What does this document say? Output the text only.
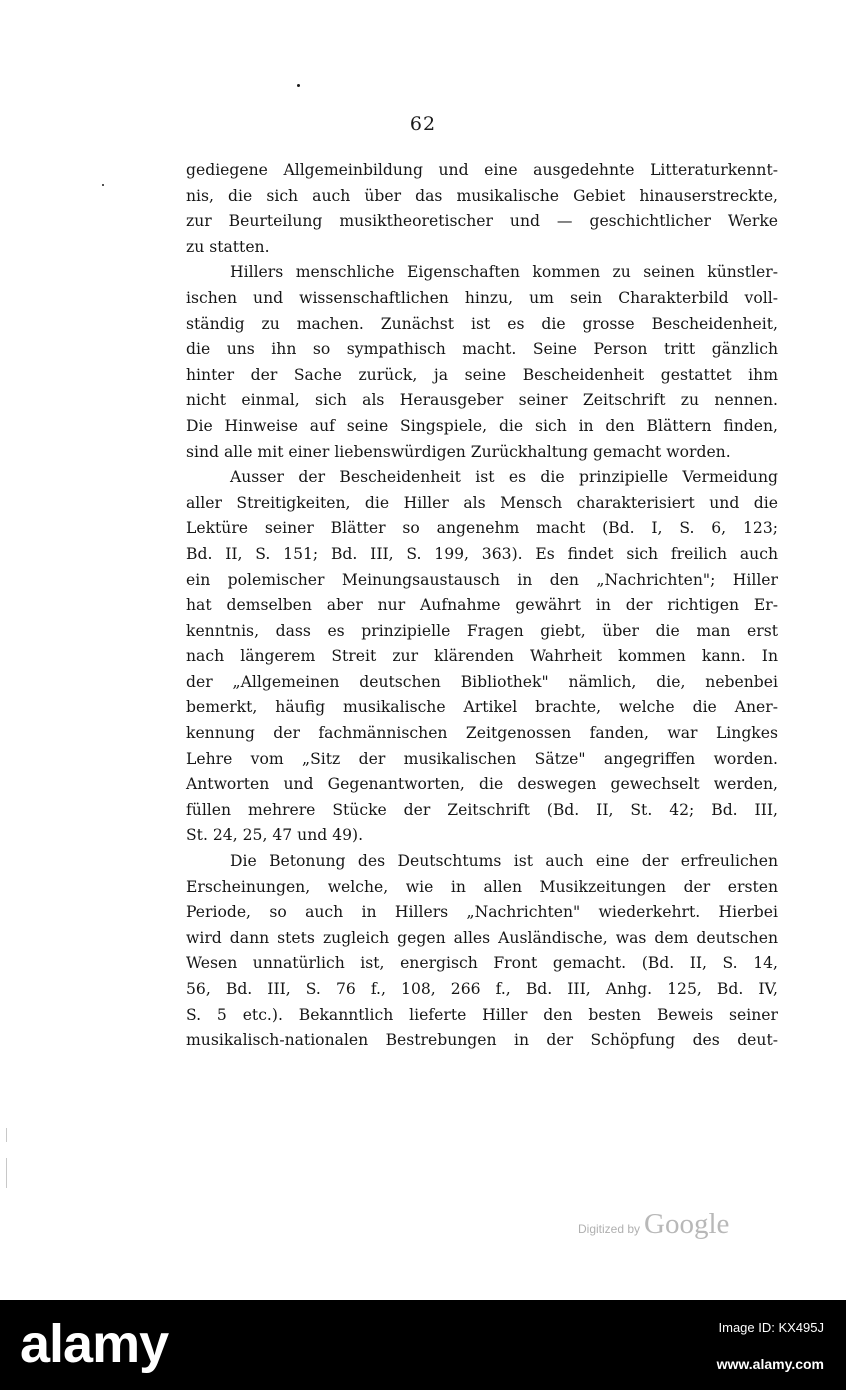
62
gediegene Allgemeinbildung und eine ausgedehnte Litteraturkennt-
nis, die sich auch über das musikalische Gebiet hinauserstreckte,
zur Beurteilung musiktheoretischer und — geschichtlicher Werke
zu statten.
Hillers menschliche Eigenschaften kommen zu seinen künstler-
ischen und wissenschaftlichen hinzu, um sein Charakterbild voll-
ständig zu machen. Zunächst ist es die grosse Bescheidenheit,
die uns ihn so sympathisch macht. Seine Person tritt gänzlich
hinter der Sache zurück, ja seine Bescheidenheit gestattet ihm
nicht einmal, sich als Herausgeber seiner Zeitschrift zu nennen.
Die Hinweise auf seine Singspiele, die sich in den Blättern finden,
sind alle mit einer liebenswürdigen Zurückhaltung gemacht worden.
Ausser der Bescheidenheit ist es die prinzipielle Vermeidung
aller Streitigkeiten, die Hiller als Mensch charakterisiert und die
Lektüre seiner Blätter so angenehm macht (Bd. I, S. 6, 123;
Bd. II, S. 151; Bd. III, S. 199, 363). Es findet sich freilich auch
ein polemischer Meinungsaustausch in den „Nachrichten"; Hiller
hat demselben aber nur Aufnahme gewährt in der richtigen Er-
kenntnis, dass es prinzipielle Fragen giebt, über die man erst
nach längerem Streit zur klärenden Wahrheit kommen kann. In
der „Allgemeinen deutschen Bibliothek" nämlich, die, nebenbei
bemerkt, häufig musikalische Artikel brachte, welche die Aner-
kennung der fachmännischen Zeitgenossen fanden, war Lingkes
Lehre vom „Sitz der musikalischen Sätze" angegriffen worden.
Antworten und Gegenantworten, die deswegen gewechselt werden,
füllen mehrere Stücke der Zeitschrift (Bd. II, St. 42; Bd. III,
St. 24, 25, 47 und 49).
Die Betonung des Deutschtums ist auch eine der erfreulichen
Erscheinungen, welche, wie in allen Musikzeitungen der ersten
Periode, so auch in Hillers „Nachrichten" wiederkehrt. Hierbei
wird dann stets zugleich gegen alles Ausländische, was dem deutschen
Wesen unnatürlich ist, energisch Front gemacht. (Bd. II, S. 14,
56, Bd. III, S. 76 f., 108, 266 f., Bd. III, Anhg. 125, Bd. IV,
S. 5 etc.). Bekanntlich lieferte Hiller den besten Beweis seiner
musikalisch-nationalen Bestrebungen in der Schöpfung des deut-
Digitized by Google
alamy	Image ID: KX495J
www.alamy.com
